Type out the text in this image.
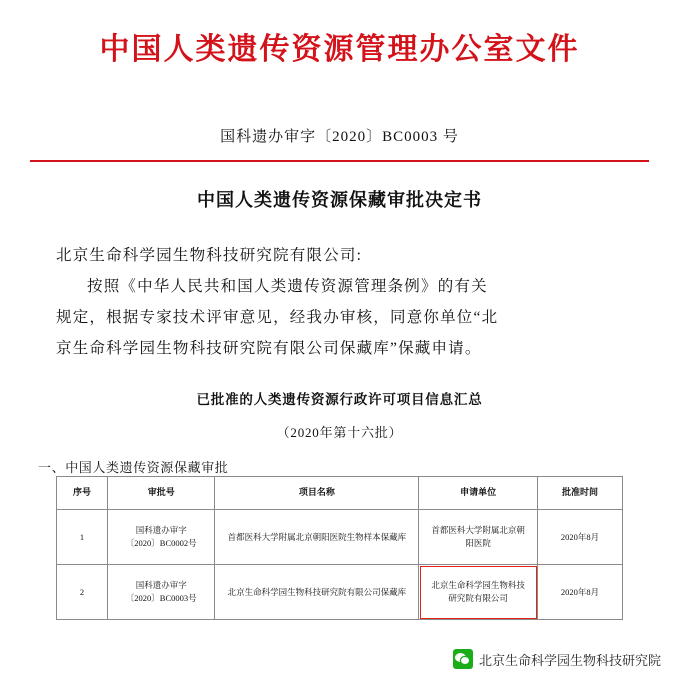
中国人类遗传资源管理办公室文件
国科遗办审字〔2020〕BC0003 号
中国人类遗传资源保藏审批决定书

北京生命科学园生物科技研究院有限公司:

按照《中华人民共和国人类遗传资源管理条例》的有关

规定，根据专家技术评审意见，经我办审核，同意你单位“北

京生命科学园生物科技研究院有限公司保藏库”保藏申请。

已批准的人类遗传资源行政许可项目信息汇总
（2020年第十六批）
一、中国人类遗传资源保藏审批
序号	审批号	项目名称	申请单位	批准时间
1	国科遗办审字
〔2020〕BC0002号	首都医科大学附属北京朝阳医院生物样本保藏库	首都医科大学附属北京朝
阳医院	2020年8月
2	国科遗办审字
〔2020〕BC0003号	北京生命科学园生物科技研究院有限公司保藏库	北京生命科学园生物科技
研究院有限公司	2020年8月
北京生命科学园生物科技研究院
